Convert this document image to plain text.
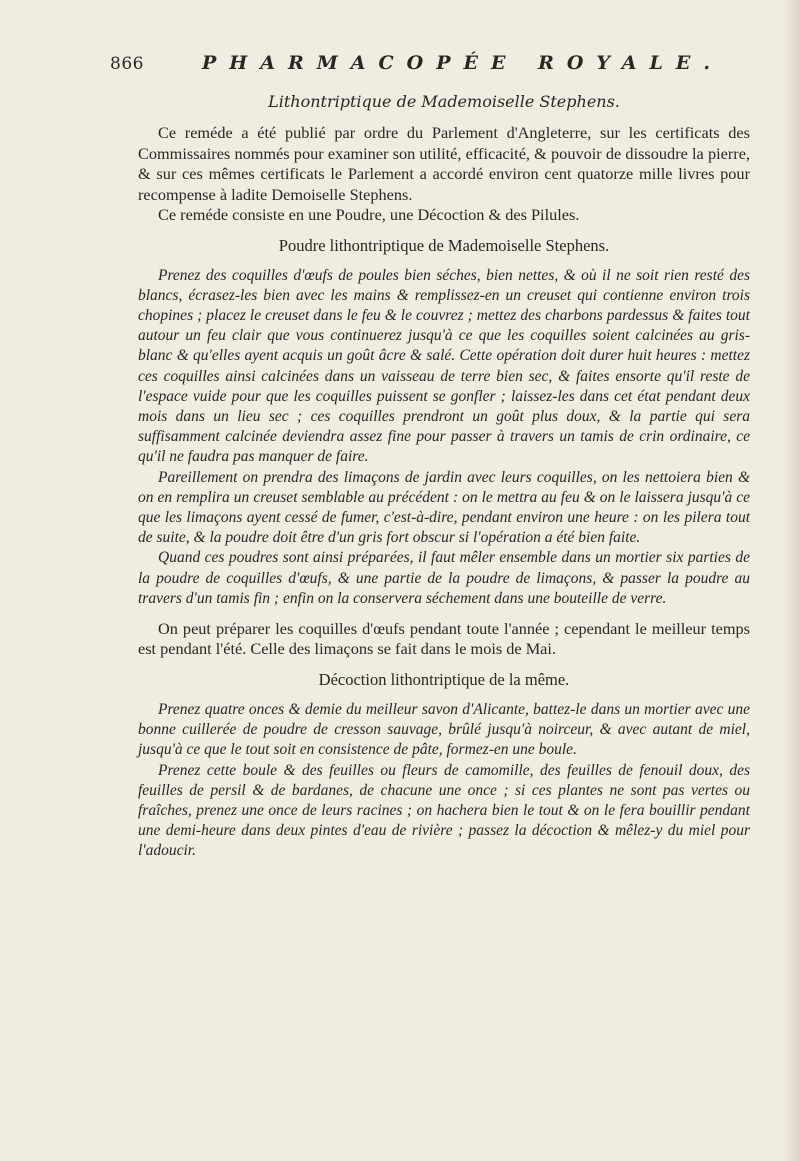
866	PHARMACOPÉE ROYALE.
Lithontriptique de Mademoiselle Stephens.

Ce reméde a été publié par ordre du Parlement d'Angleterre, sur les certificats des Commissaires nommés pour examiner son utilité, efficacité, & pouvoir de dissoudre la pierre, & sur ces mêmes certificats le Parlement a accordé environ cent quatorze mille livres pour recompense à ladite Demoiselle Stephens.

Ce reméde consiste en une Poudre, une Décoction & des Pilules.

Poudre lithontriptique de Mademoiselle Stephens.

Prenez des coquilles d'œufs de poules bien séches, bien nettes, & où il ne soit rien resté des blancs, écrasez-les bien avec les mains & remplissez-en un creuset qui contienne environ trois chopines ; placez le creuset dans le feu & le couvrez ; mettez des charbons pardessus & faites tout autour un feu clair que vous continuerez jusqu'à ce que les coquilles soient calcinées au gris-blanc & qu'elles ayent acquis un goût âcre & salé. Cette opération doit durer huit heures : mettez ces coquilles ainsi calcinées dans un vaisseau de terre bien sec, & faites ensorte qu'il reste de l'espace vuide pour que les coquilles puissent se gonfler ; laissez-les dans cet état pendant deux mois dans un lieu sec ; ces coquilles prendront un goût plus doux, & la partie qui sera suffisamment calcinée deviendra assez fine pour passer à travers un tamis de crin ordinaire, ce qu'il ne faudra pas manquer de faire.

Pareillement on prendra des limaçons de jardin avec leurs coquilles, on les nettoiera bien & on en remplira un creuset semblable au précédent : on le mettra au feu & on le laissera jusqu'à ce que les limaçons ayent cessé de fumer, c'est-à-dire, pendant environ une heure : on les pilera tout de suite, & la poudre doit être d'un gris fort obscur si l'opération a été bien faite.

Quand ces poudres sont ainsi préparées, il faut mêler ensemble dans un mortier six parties de la poudre de coquilles d'œufs, & une partie de la poudre de limaçons, & passer la poudre au travers d'un tamis fin ; enfin on la conservera séchement dans une bouteille de verre.

On peut préparer les coquilles d'œufs pendant toute l'année ; cependant le meilleur temps est pendant l'été. Celle des limaçons se fait dans le mois de Mai.

Décoction lithontriptique de la même.

Prenez quatre onces & demie du meilleur savon d'Alicante, battez-le dans un mortier avec une bonne cuillerée de poudre de cresson sauvage, brûlé jusqu'à noirceur, & avec autant de miel, jusqu'à ce que le tout soit en consistence de pâte, formez-en une boule.

Prenez cette boule & des feuilles ou fleurs de camomille, des feuilles de fenouil doux, des feuilles de persil & de bardanes, de chacune une once ; si ces plantes ne sont pas vertes ou fraîches, prenez une once de leurs racines ; on hachera bien le tout & on le fera bouillir pendant une demi-heure dans deux pintes d'eau de rivière ; passez la décoction & mêlez-y du miel pour l'adoucir.
